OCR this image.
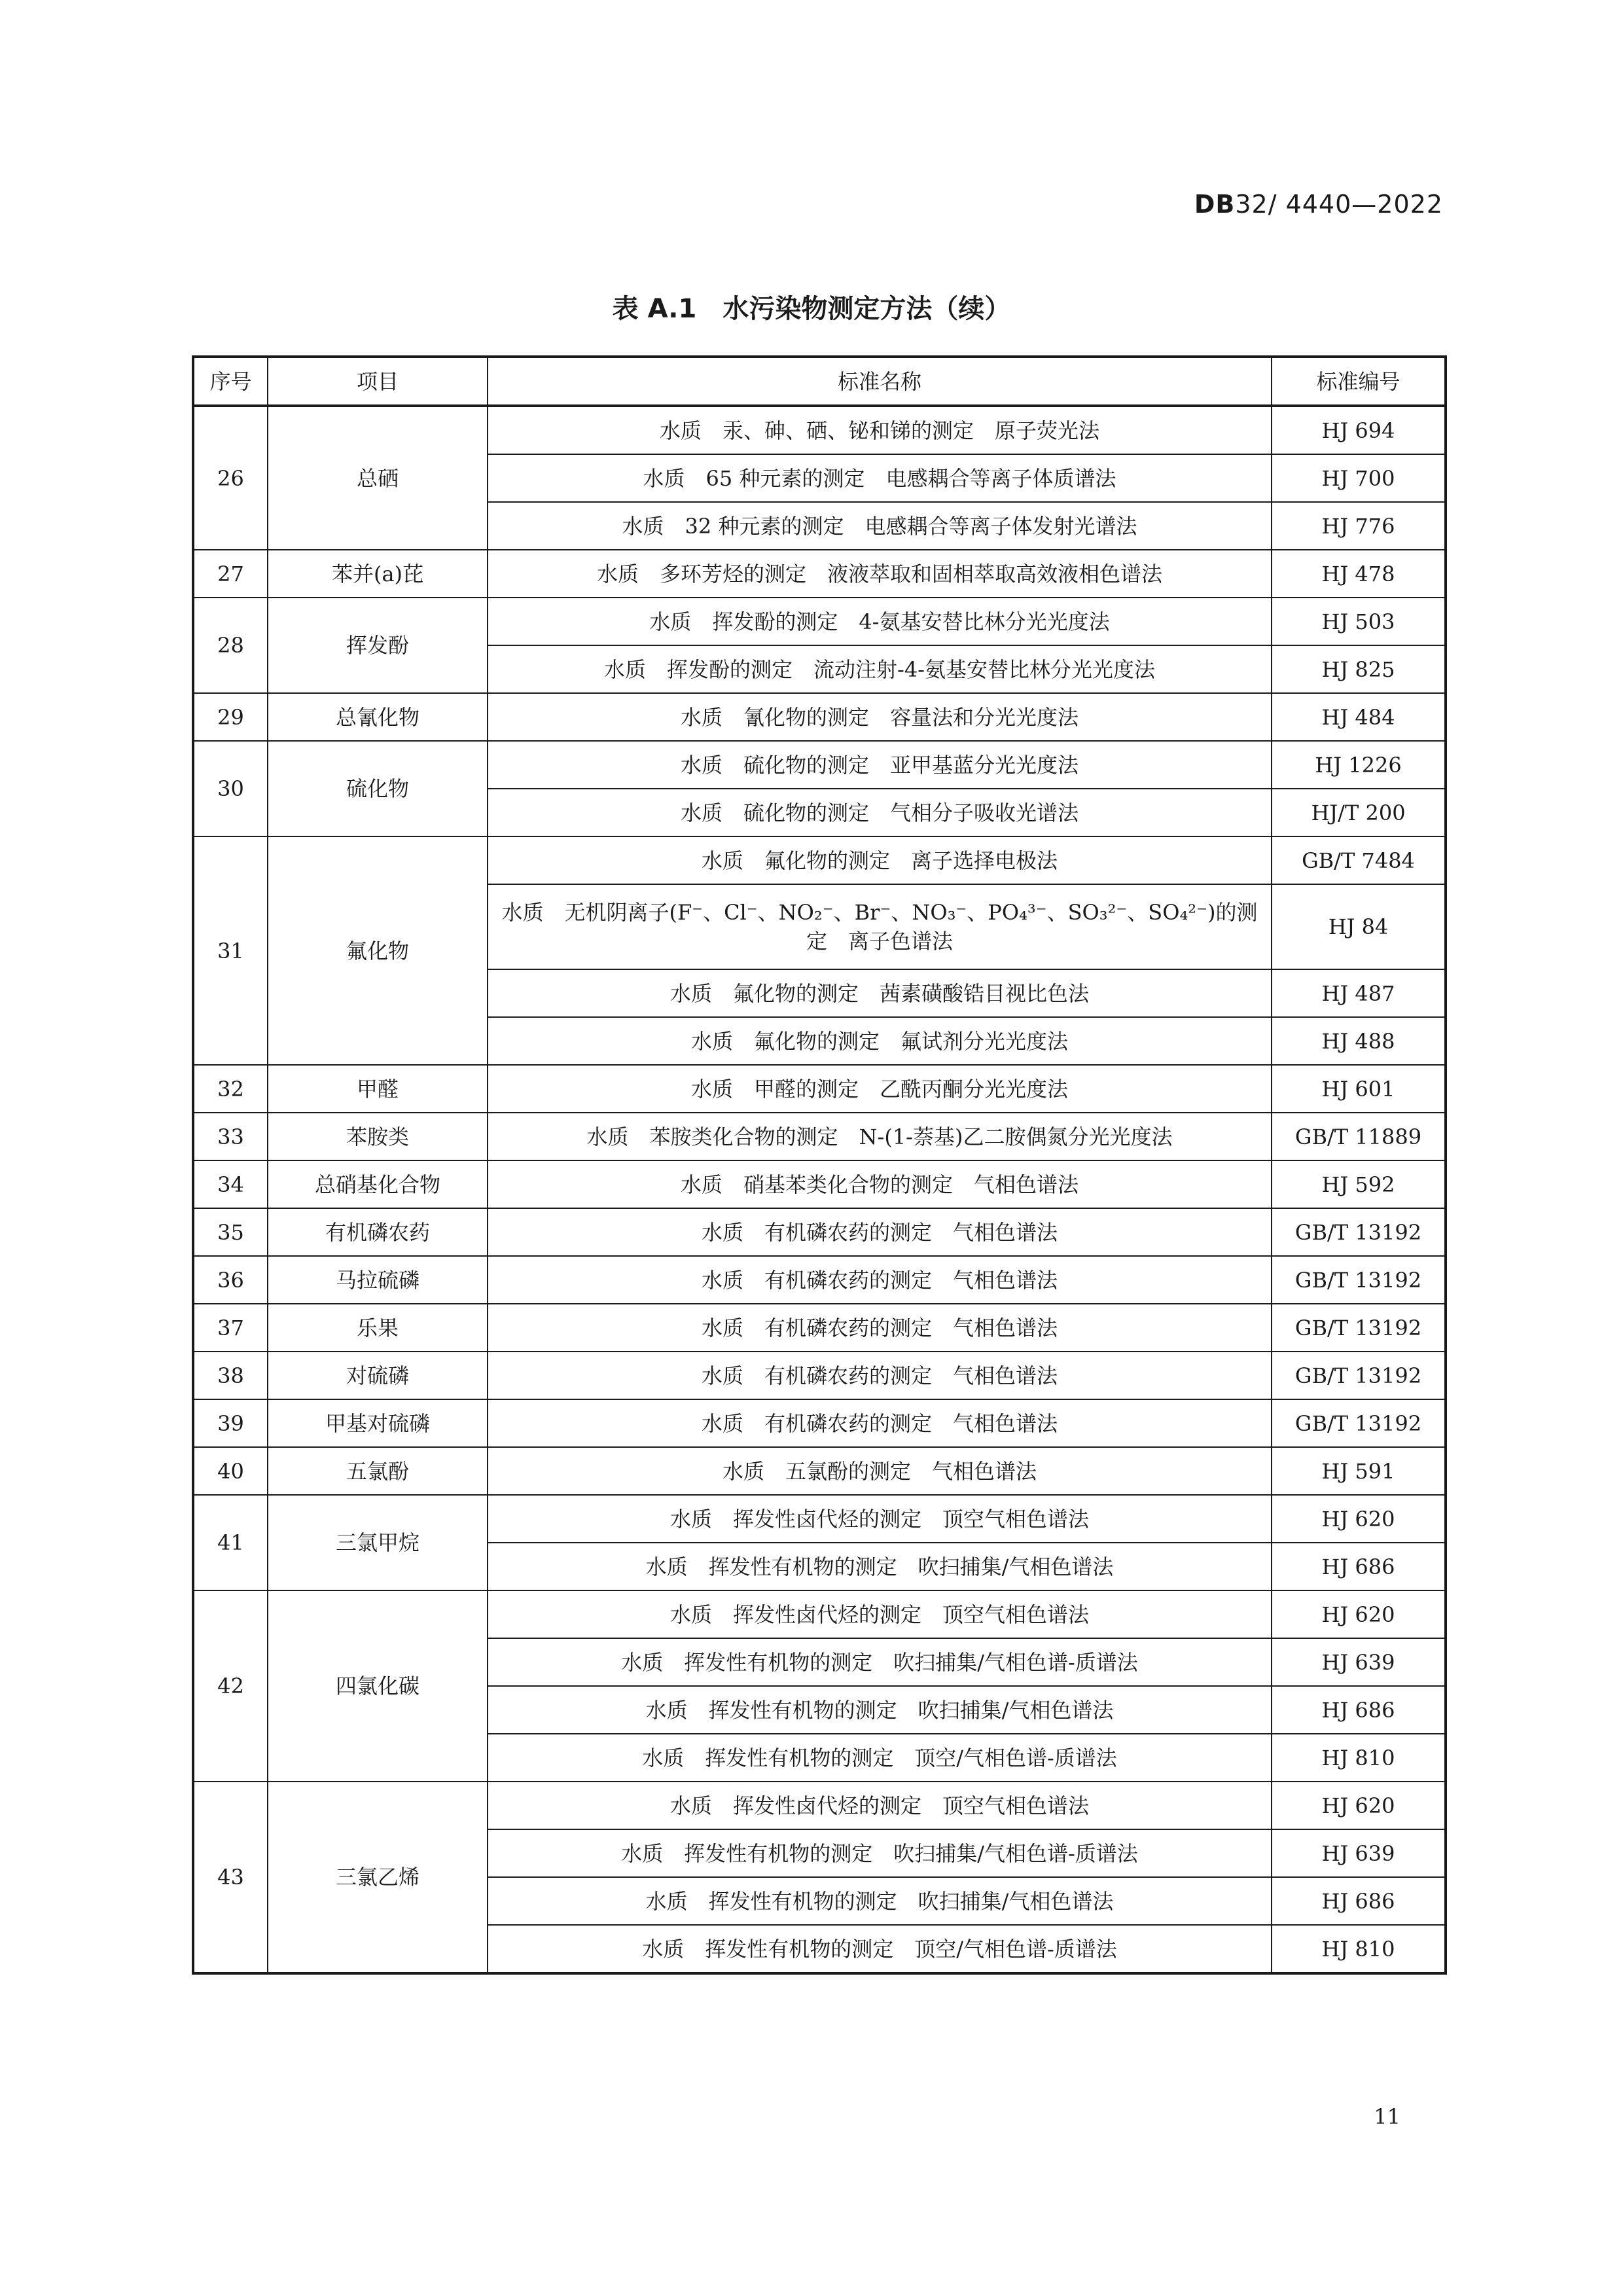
DB32/ 4440—2022
表 A.1　水污染物测定方法（续）
序号	项目	标准名称	标准编号
26	总硒	水质　汞、砷、硒、铋和锑的测定　原子荧光法	HJ 694
		水质　65 种元素的测定　电感耦合等离子体质谱法	HJ 700
		水质　32 种元素的测定　电感耦合等离子体发射光谱法	HJ 776
27	苯并(a)芘	水质　多环芳烃的测定　液液萃取和固相萃取高效液相色谱法	HJ 478
28	挥发酚	水质　挥发酚的测定　4-氨基安替比林分光光度法	HJ 503
		水质　挥发酚的测定　流动注射-4-氨基安替比林分光光度法	HJ 825
29	总氰化物	水质　氰化物的测定　容量法和分光光度法	HJ 484
30	硫化物	水质　硫化物的测定　亚甲基蓝分光光度法	HJ 1226
		水质　硫化物的测定　气相分子吸收光谱法	HJ/T 200
31	氟化物	水质　氟化物的测定　离子选择电极法	GB/T 7484
		水质　无机阴离子(F⁻、Cl⁻、NO₂⁻、Br⁻、NO₃⁻、PO₄³⁻、SO₃²⁻、SO₄²⁻)的测定　离子色谱法	HJ 84
		水质　氟化物的测定　茜素磺酸锆目视比色法	HJ 487
		水质　氟化物的测定　氟试剂分光光度法	HJ 488
32	甲醛	水质　甲醛的测定　乙酰丙酮分光光度法	HJ 601
33	苯胺类	水质　苯胺类化合物的测定　N-(1-萘基)乙二胺偶氮分光光度法	GB/T 11889
34	总硝基化合物	水质　硝基苯类化合物的测定　气相色谱法	HJ 592
35	有机磷农药	水质　有机磷农药的测定　气相色谱法	GB/T 13192
36	马拉硫磷	水质　有机磷农药的测定　气相色谱法	GB/T 13192
37	乐果	水质　有机磷农药的测定　气相色谱法	GB/T 13192
38	对硫磷	水质　有机磷农药的测定　气相色谱法	GB/T 13192
39	甲基对硫磷	水质　有机磷农药的测定　气相色谱法	GB/T 13192
40	五氯酚	水质　五氯酚的测定　气相色谱法	HJ 591
41	三氯甲烷	水质　挥发性卤代烃的测定　顶空气相色谱法	HJ 620
		水质　挥发性有机物的测定　吹扫捕集/气相色谱法	HJ 686
42	四氯化碳	水质　挥发性卤代烃的测定　顶空气相色谱法	HJ 620
		水质　挥发性有机物的测定　吹扫捕集/气相色谱-质谱法	HJ 639
		水质　挥发性有机物的测定　吹扫捕集/气相色谱法	HJ 686
		水质　挥发性有机物的测定　顶空/气相色谱-质谱法	HJ 810
43	三氯乙烯	水质　挥发性卤代烃的测定　顶空气相色谱法	HJ 620
		水质　挥发性有机物的测定　吹扫捕集/气相色谱-质谱法	HJ 639
		水质　挥发性有机物的测定　吹扫捕集/气相色谱法	HJ 686
		水质　挥发性有机物的测定　顶空/气相色谱-质谱法	HJ 810
11
